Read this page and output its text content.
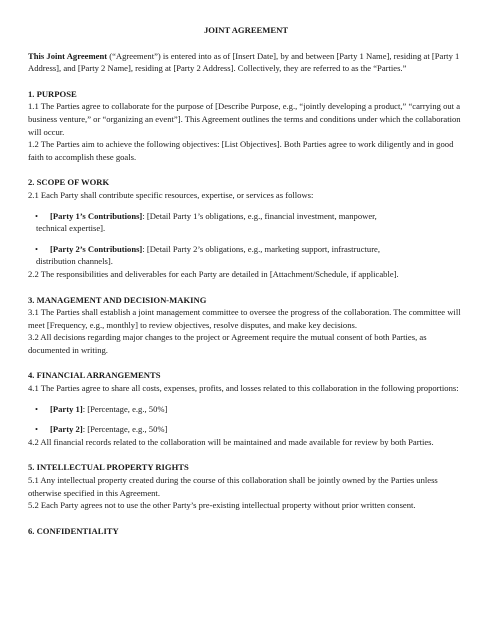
JOINT AGREEMENT

This Joint Agreement (“Agreement”) is entered into as of [Insert Date], by and between [Party 1 Name], residing at [Party 1 Address], and [Party 2 Name], residing at [Party 2 Address]. Collectively, they are referred to as the “Parties.”

1. PURPOSE

1.1 The Parties agree to collaborate for the purpose of [Describe Purpose, e.g., “jointly developing a product,” “carrying out a business venture,” or “organizing an event”]. This Agreement outlines the terms and conditions under which the collaboration will occur.

1.2 The Parties aim to achieve the following objectives: [List Objectives]. Both Parties agree to work diligently and in good faith to accomplish these goals.

2. SCOPE OF WORK

2.1 Each Party shall contribute specific resources, expertise, or services as follows:

•	[Party 1’s Contributions]: [Detail Party 1’s obligations, e.g., financial investment, manpower,
technical expertise].
•	[Party 2’s Contributions]: [Detail Party 2’s obligations, e.g., marketing support, infrastructure,
distribution channels].

2.2 The responsibilities and deliverables for each Party are detailed in [Attachment/Schedule, if applicable].

3. MANAGEMENT AND DECISION-MAKING

3.1 The Parties shall establish a joint management committee to oversee the progress of the collaboration. The committee will meet [Frequency, e.g., monthly] to review objectives, resolve disputes, and make key decisions.

3.2 All decisions regarding major changes to the project or Agreement require the mutual consent of both Parties, as documented in writing.

4. FINANCIAL ARRANGEMENTS

4.1 The Parties agree to share all costs, expenses, profits, and losses related to this collaboration in the following proportions:

•	[Party 1]: [Percentage, e.g., 50%]
•	[Party 2]: [Percentage, e.g., 50%]

4.2 All financial records related to the collaboration will be maintained and made available for review by both Parties.

5. INTELLECTUAL PROPERTY RIGHTS

5.1 Any intellectual property created during the course of this collaboration shall be jointly owned by the Parties unless otherwise specified in this Agreement.

5.2 Each Party agrees not to use the other Party’s pre-existing intellectual property without prior written consent.

6. CONFIDENTIALITY
